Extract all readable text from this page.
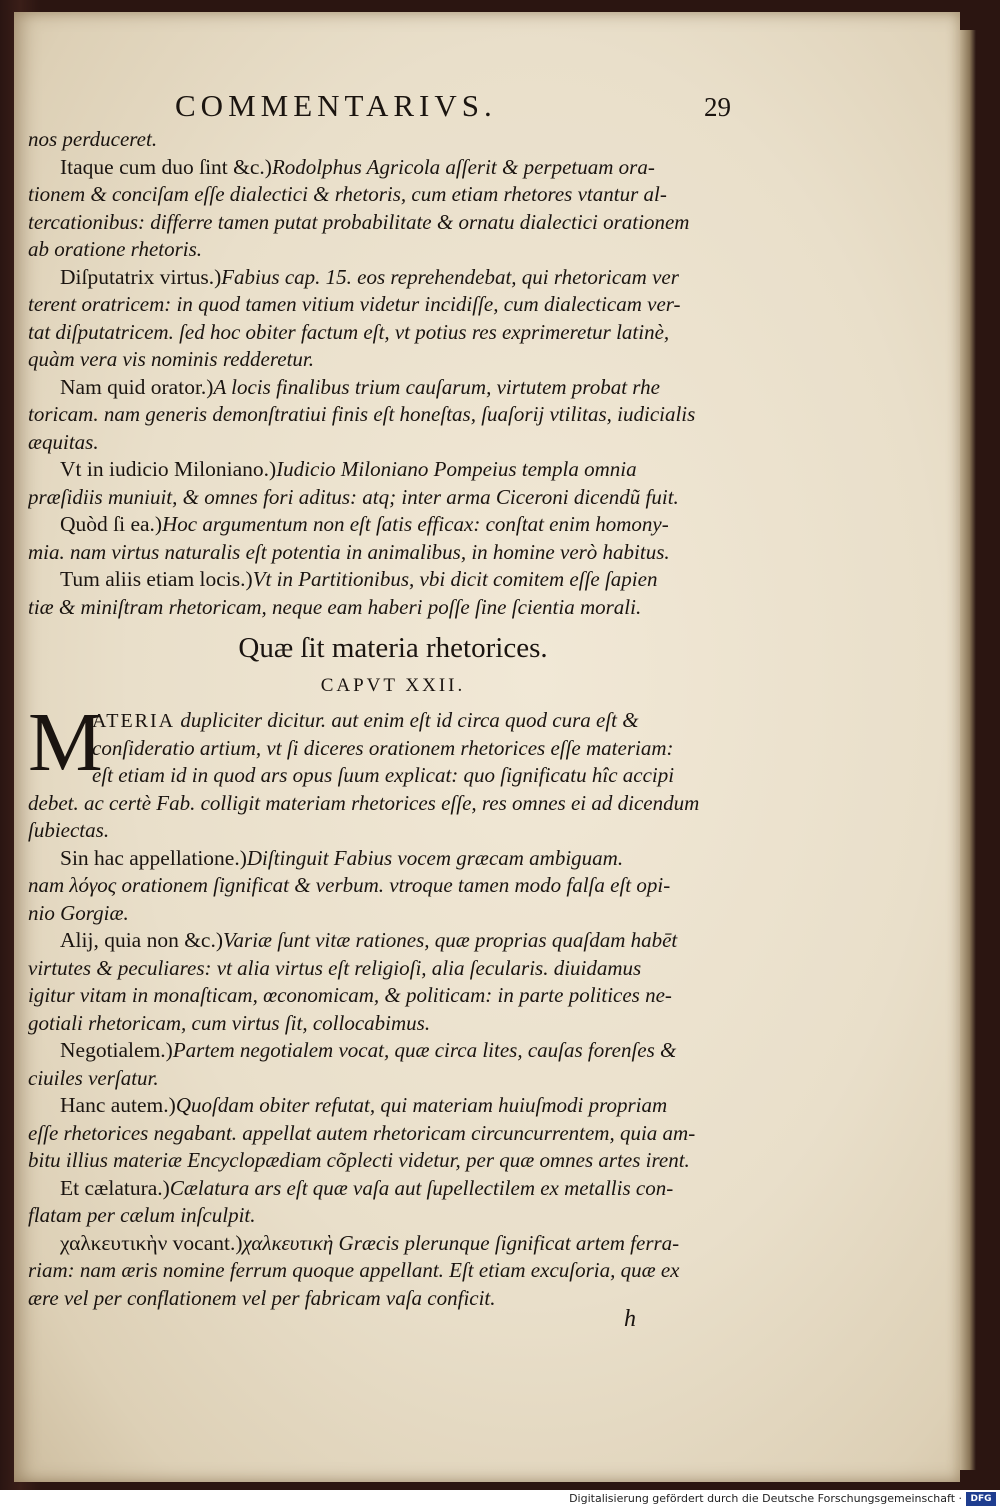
COMMENTARIVS.	29
nos perduceret.
Itaque cum duo ſint &c.)Rodolphus Agricola aſſerit & perpetuam ora-
tionem & conciſam eſſe dialectici & rhetoris, cum etiam rhetores vtantur al-
tercationibus: differre tamen putat probabilitate & ornatu dialectici orationem
ab oratione rhetoris.
Diſputatrix virtus.)Fabius cap. 15. eos reprehendebat, qui rhetoricam ver
terent oratricem: in quod tamen vitium videtur incidiſſe, cum dialecticam ver-
tat diſputatricem. ſed hoc obiter factum eſt, vt potius res exprimeretur latinè,
quàm vera vis nominis redderetur.
Nam quid orator.)A locis finalibus trium cauſarum, virtutem probat rhe
toricam. nam generis demonſtratiui finis eſt honeſtas, ſuaſorij vtilitas, iudicialis
æquitas.
Vt in iudicio Miloniano.)Iudicio Miloniano Pompeius templa omnia
præſidiis muniuit, & omnes fori aditus: atq; inter arma Ciceroni dicendũ fuit.
Quòd ſi ea.)Hoc argumentum non eſt ſatis efficax: conſtat enim homony-
mia. nam virtus naturalis eſt potentia in animalibus, in homine verò habitus.
Tum aliis etiam locis.)Vt in Partitionibus, vbi dicit comitem eſſe ſapien
tiæ & miniſtram rhetoricam, neque eam haberi poſſe ſine ſcientia morali.
Quæ ſit materia rhetorices.
CAPVT XXII.
M
ATERIA dupliciter dicitur. aut enim eſt id circa quod cura eſt &
conſideratio artium, vt ſi diceres orationem rhetorices eſſe materiam:
eſt etiam id in quod ars opus ſuum explicat: quo ſignificatu hîc accipi
debet. ac certè Fab. colligit materiam rhetorices eſſe, res omnes ei ad dicendum
ſubiectas.
Sin hac appellatione.)Diſtinguit Fabius vocem græcam ambiguam.
nam λόγος orationem ſignificat & verbum. vtroque tamen modo falſa eſt opi-
nio Gorgiæ.
Alij, quia non &c.)Variæ ſunt vitæ rationes, quæ proprias quaſdam habēt
virtutes & peculiares: vt alia virtus eſt religioſi, alia ſecularis. diuidamus
igitur vitam in monaſticam, œconomicam, & politicam: in parte politices ne-
gotiali rhetoricam, cum virtus ſit, collocabimus.
Negotialem.)Partem negotialem vocat, quæ circa lites, cauſas forenſes &
ciuiles verſatur.
Hanc autem.)Quoſdam obiter refutat, qui materiam huiuſmodi propriam
eſſe rhetorices negabant. appellat autem rhetoricam circuncurrentem, quia am-
bitu illius materiæ Encyclopædiam cõplecti videtur, per quæ omnes artes irent.
Et cælatura.)Cælatura ars eſt quæ vaſa aut ſupellectilem ex metallis con-
flatam per cælum inſculpit.
χαλκευτικὴν vocant.)χαλκευτικὴ Græcis plerunque ſignificat artem ferra-
riam: nam æris nomine ferrum quoque appellant. Eſt etiam excuſoria, quæ ex
ære vel per conflationem vel per fabricam vaſa conficit.
h
Digitalisierung gefördert durch die Deutsche Forschungsgemeinschaft · DFG
